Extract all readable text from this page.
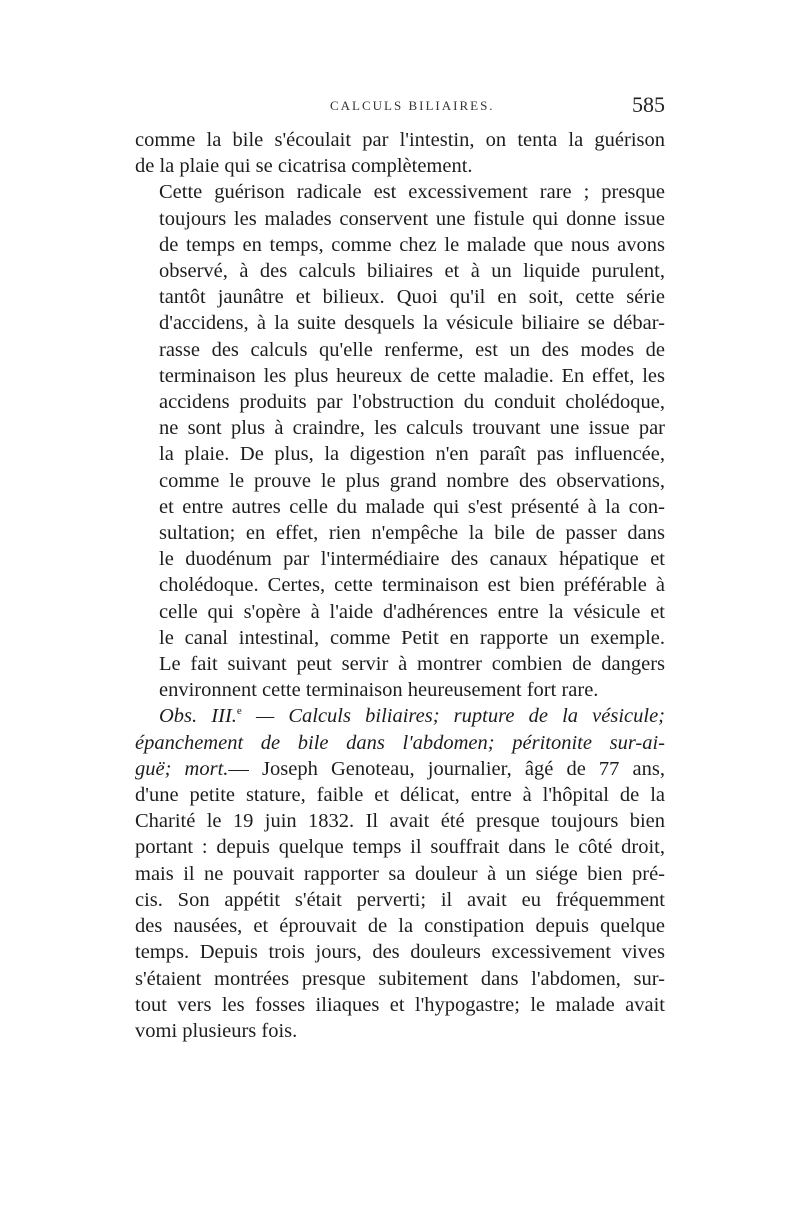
CALCULS BILIAIRES.	585

comme la bile s'écoulait par l'intestin, on tenta la guérison
de la plaie qui se cicatrisa complètement.

Cette guérison radicale est excessivement rare ; presque
toujours les malades conservent une fistule qui donne issue
de temps en temps, comme chez le malade que nous avons
observé, à des calculs biliaires et à un liquide purulent,
tantôt jaunâtre et bilieux. Quoi qu'il en soit, cette série
d'accidens, à la suite desquels la vésicule biliaire se débar-
rasse des calculs qu'elle renferme, est un des modes de
terminaison les plus heureux de cette maladie. En effet, les
accidens produits par l'obstruction du conduit cholédoque,
ne sont plus à craindre, les calculs trouvant une issue par
la plaie. De plus, la digestion n'en paraît pas influencée,
comme le prouve le plus grand nombre des observations,
et entre autres celle du malade qui s'est présenté à la con-
sultation; en effet, rien n'empêche la bile de passer dans
le duodénum par l'intermédiaire des canaux hépatique et
cholédoque. Certes, cette terminaison est bien préférable à
celle qui s'opère à l'aide d'adhérences entre la vésicule et
le canal intestinal, comme Petit en rapporte un exemple.
Le fait suivant peut servir à montrer combien de dangers
environnent cette terminaison heureusement fort rare.

Obs. III.$^e$ — Calculs biliaires; rupture de la vésicule;
épanchement de bile dans l'abdomen; péritonite sur-ai-
guë; mort.— Joseph Genoteau, journalier, âgé de 77 ans,
d'une petite stature, faible et délicat, entre à l'hôpital de la
Charité le 19 juin 1832. Il avait été presque toujours bien
portant : depuis quelque temps il souffrait dans le côté droit,
mais il ne pouvait rapporter sa douleur à un siége bien pré-
cis. Son appétit s'était perverti; il avait eu fréquemment
des nausées, et éprouvait de la constipation depuis quelque
temps. Depuis trois jours, des douleurs excessivement vives
s'étaient montrées presque subitement dans l'abdomen, sur-
tout vers les fosses iliaques et l'hypogastre; le malade avait
vomi plusieurs fois.
